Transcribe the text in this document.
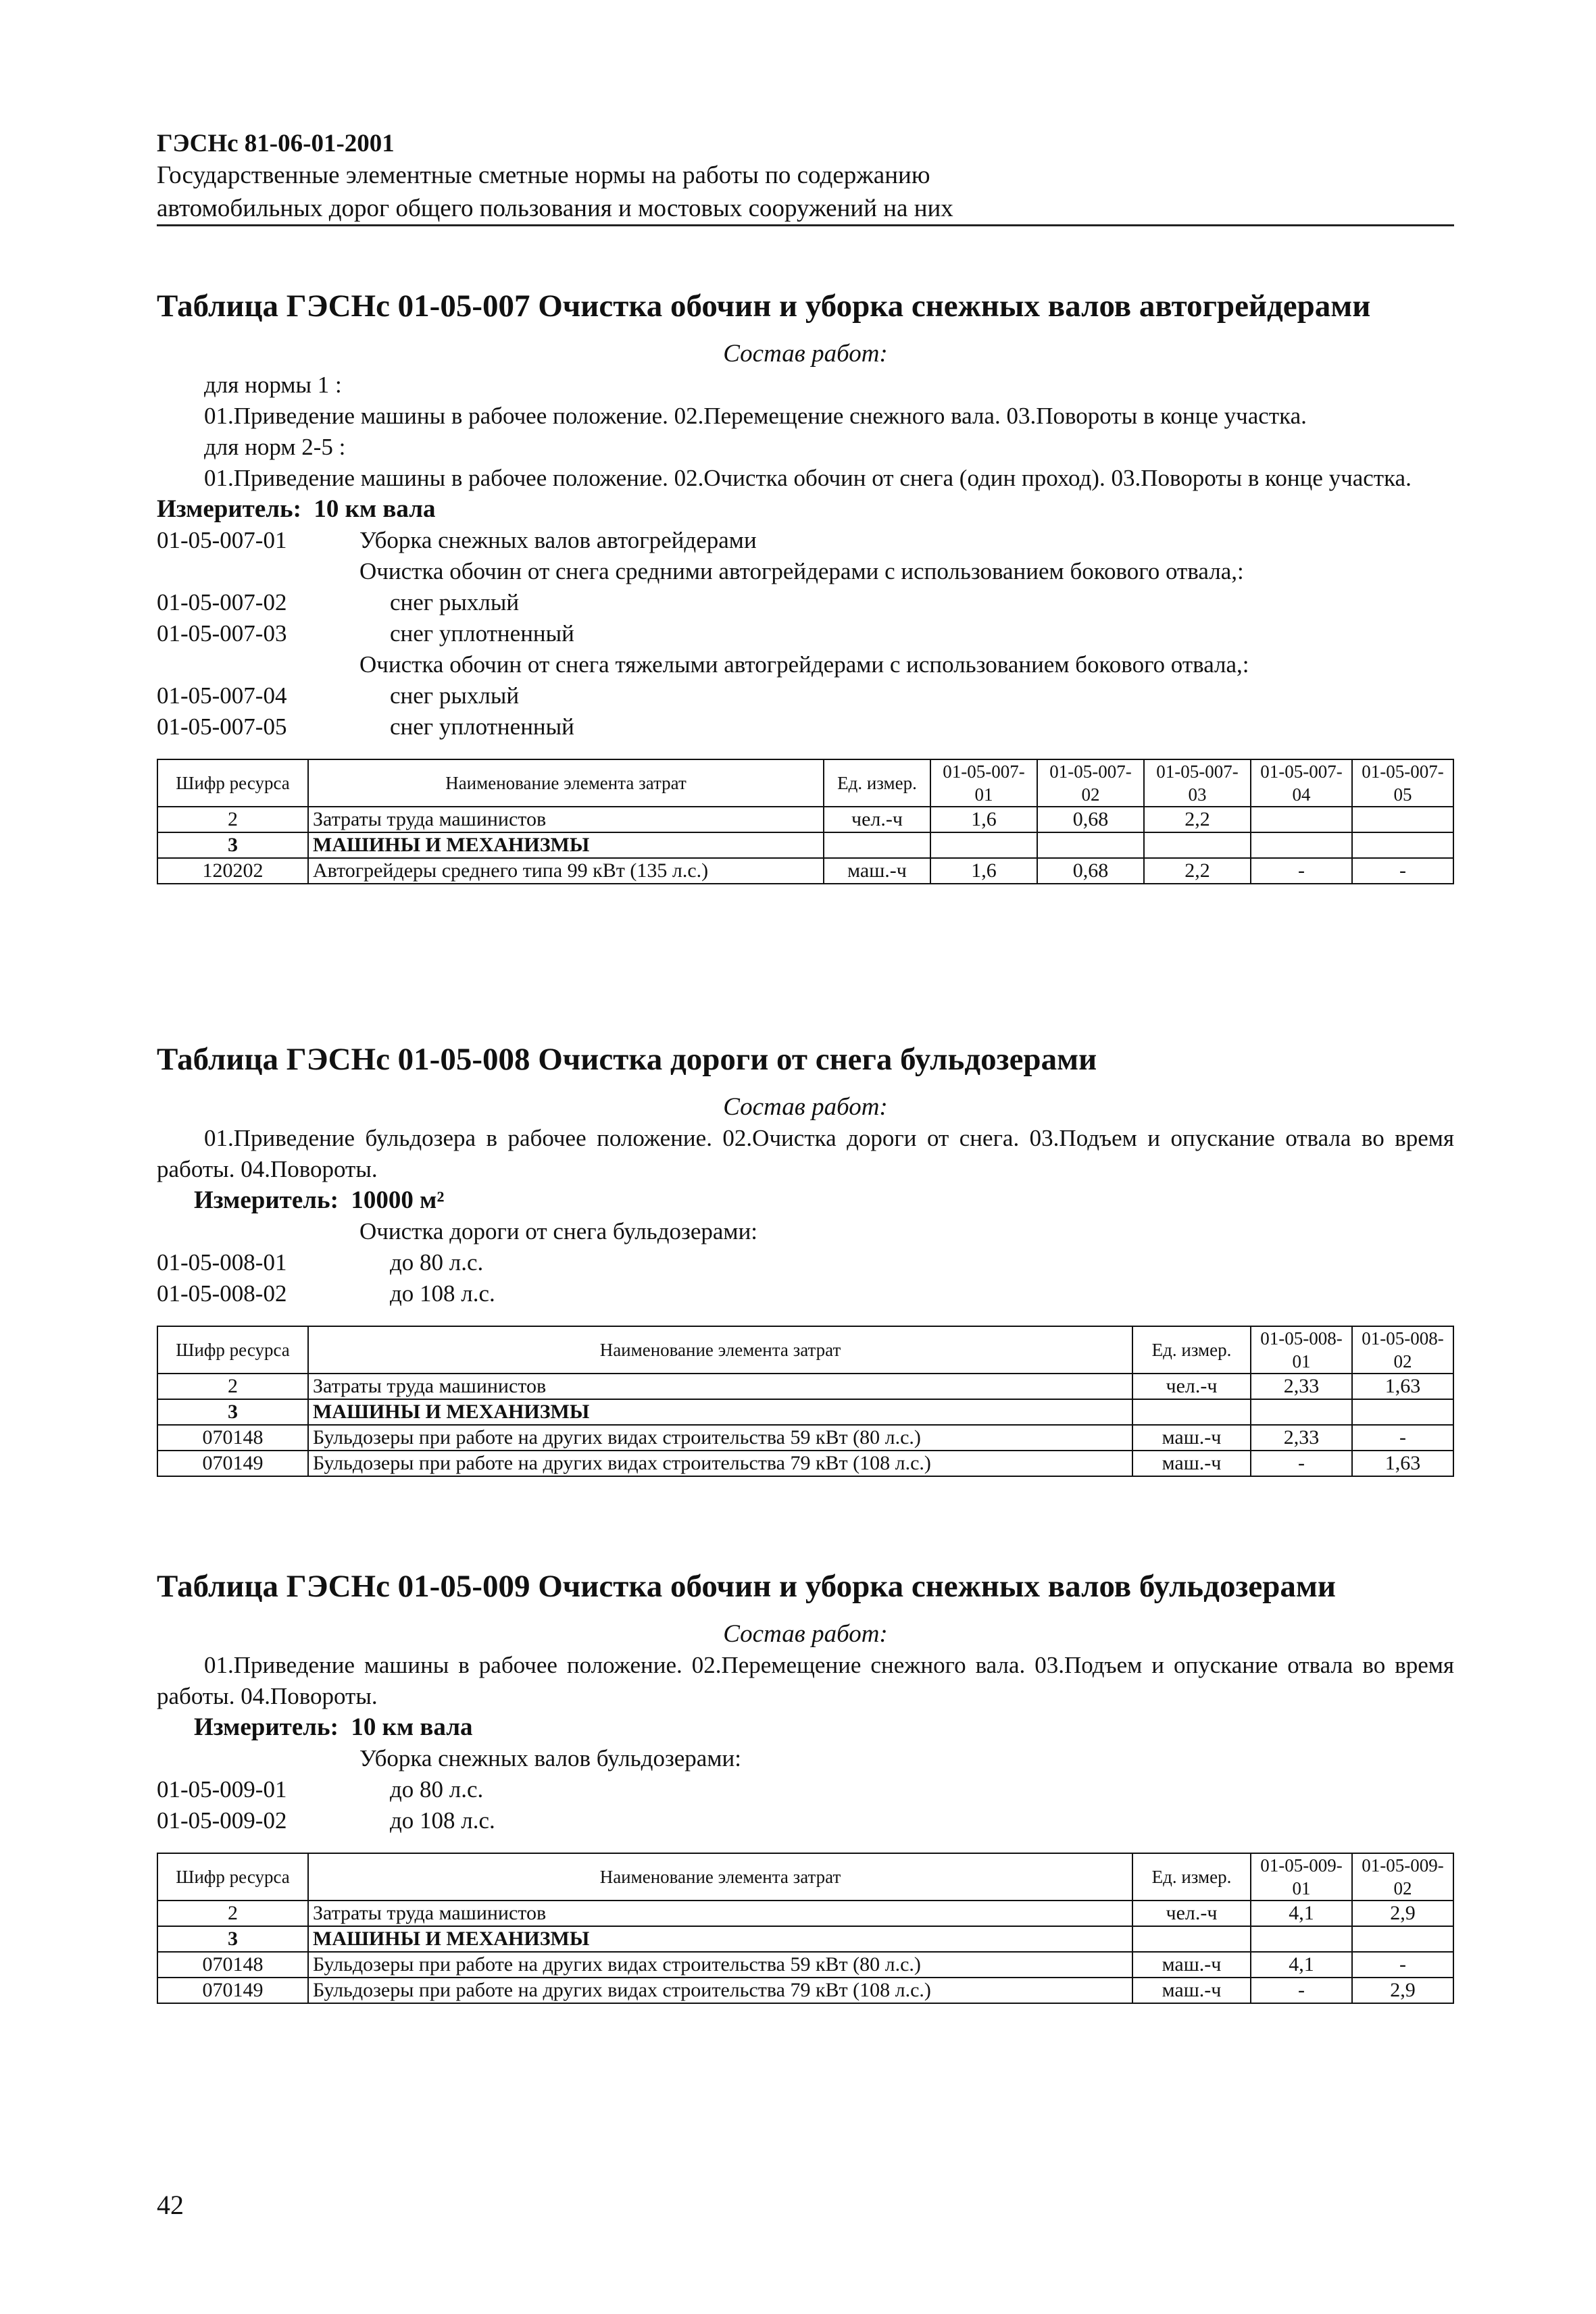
ГЭСНс 81-06-01-2001
Государственные элементные сметные нормы на работы по содержанию
автомобильных дорог общего пользования и мостовых сооружений на них
Таблица ГЭСНс 01-05-007 Очистка обочин и уборка снежных валов автогрейдерами
Состав работ:
для нормы 1 :
01.Приведение машины в рабочее положение. 02.Перемещение снежного вала. 03.Повороты в конце участка.
для норм 2-5 :
01.Приведение машины в рабочее положение. 02.Очистка обочин от снега (один проход). 03.Повороты в конце участка.
Измеритель: 10 км вала
01-05-007-01	Уборка снежных валов автогрейдерами
Очистка обочин от снега средними автогрейдерами с использованием бокового отвала,:
01-05-007-02	снег рыхлый
01-05-007-03	снег уплотненный
Очистка обочин от снега тяжелыми автогрейдерами с использованием бокового отвала,:
01-05-007-04	снег рыхлый
01-05-007-05	снег уплотненный
Шифр ресурса	Наименование элемента затрат	Ед. измер.	01-05-007-01	01-05-007-02	01-05-007-03	01-05-007-04	01-05-007-05
2	Затраты труда машинистов	чел.-ч	1,6	0,68	2,2		
3	МАШИНЫ И МЕХАНИЗМЫ						
120202	Автогрейдеры среднего типа 99 кВт (135 л.с.)	маш.-ч	1,6	0,68	2,2	-	-
Таблица ГЭСНс 01-05-008 Очистка дороги от снега бульдозерами
Состав работ:
01.Приведение бульдозера в рабочее положение. 02.Очистка дороги от снега. 03.Подъем и опускание отвала во время работы. 04.Повороты.
Измеритель: 10000 м²
Очистка дороги от снега бульдозерами:
01-05-008-01	до 80 л.с.
01-05-008-02	до 108 л.с.
Шифр ресурса	Наименование элемента затрат	Ед. измер.	01-05-008-01	01-05-008-02
2	Затраты труда машинистов	чел.-ч	2,33	1,63
3	МАШИНЫ И МЕХАНИЗМЫ			
070148	Бульдозеры при работе на других видах строительства 59 кВт (80 л.с.)	маш.-ч	2,33	-
070149	Бульдозеры при работе на других видах строительства 79 кВт (108 л.с.)	маш.-ч	-	1,63
Таблица ГЭСНс 01-05-009 Очистка обочин и уборка снежных валов бульдозерами
Состав работ:
01.Приведение машины в рабочее положение. 02.Перемещение снежного вала. 03.Подъем и опускание отвала во время работы. 04.Повороты.
Измеритель: 10 км вала
Уборка снежных валов бульдозерами:
01-05-009-01	до 80 л.с.
01-05-009-02	до 108 л.с.
Шифр ресурса	Наименование элемента затрат	Ед. измер.	01-05-009-01	01-05-009-02
2	Затраты труда машинистов	чел.-ч	4,1	2,9
3	МАШИНЫ И МЕХАНИЗМЫ			
070148	Бульдозеры при работе на других видах строительства 59 кВт (80 л.с.)	маш.-ч	4,1	-
070149	Бульдозеры при работе на других видах строительства 79 кВт (108 л.с.)	маш.-ч	-	2,9
42
